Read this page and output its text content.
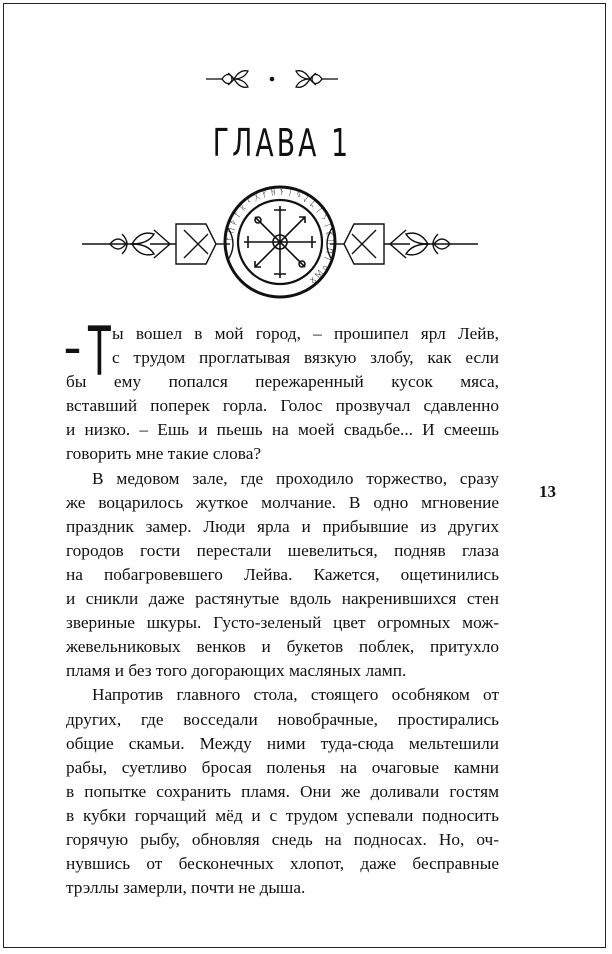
ГЛАВА 1
ᚠᚢᚦᚨᚱᚲᚷᚹᚺᚾᛁᛃᛇᛈᛉᛊᛏᛒᛖᛗᛚᛜᛞᛟ
– Т ы вошел в мой город, – прошипел ярл Лейв,
с трудом проглатывая вязкую злобу, как если
бы ему попался пережаренный кусок мяса,
вставший поперек горла. Голос прозвучал сдавленно
и низко. – Ешь и пьешь на моей свадьбе... И смеешь
говорить мне такие слова?
В медовом зале, где проходило торжество, сразу
же воцарилось жуткое молчание. В одно мгновение
праздник замер. Люди ярла и прибывшие из других
городов гости перестали шевелиться, подняв глаза
на побагровевшего Лейва. Кажется, ощетинились
и сникли даже растянутые вдоль накренившихся стен
звериные шкуры. Густо-зеленый цвет огромных мож-
жевельниковых венков и букетов поблек, притухло
пламя и без того догорающих масляных ламп.
Напротив главного стола, стоящего особняком от
других, где восседали новобрачные, простирались
общие скамьи. Между ними туда-сюда мельтешили
рабы, суетливо бросая поленья на очаговые камни
в попытке сохранить пламя. Они же доливали гостям
в кубки горчащий мёд и с трудом успевали подносить
горячую рыбу, обновляя снедь на подносах. Но, оч-
нувшись от бесконечных хлопот, даже бесправные
трэллы замерли, почти не дыша.
13
